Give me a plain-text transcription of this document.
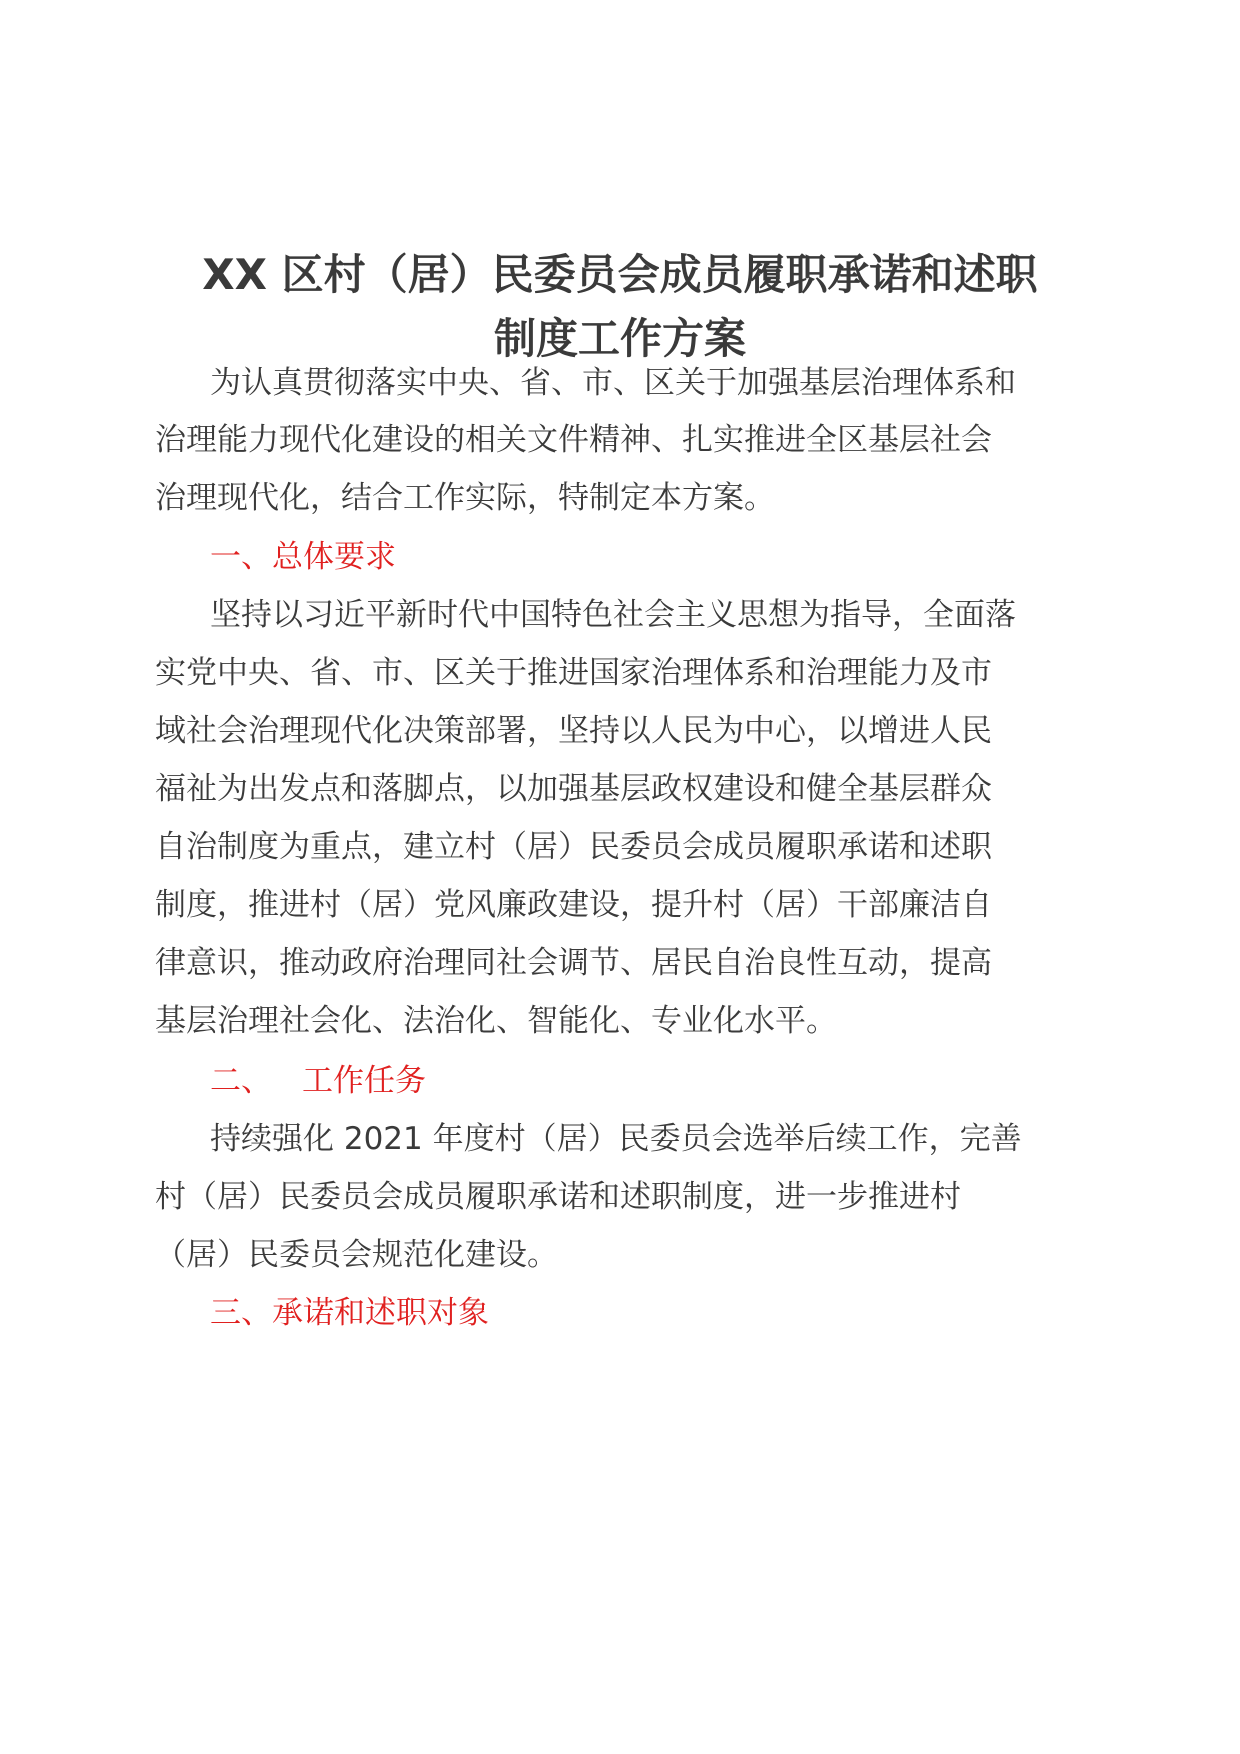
XX 区村（居）民委员会成员履职承诺和述职
制度工作方案

为认真贯彻落实中央、省、市、区关于加强基层治理体系和

治理能力现代化建设的相关文件精神、扎实推进全区基层社会

治理现代化，结合工作实际，特制定本方案。

一、总体要求

坚持以习近平新时代中国特色社会主义思想为指导，全面落

实党中央、省、市、区关于推进国家治理体系和治理能力及市

域社会治理现代化决策部署，坚持以人民为中心，以增进人民

福祉为出发点和落脚点，以加强基层政权建设和健全基层群众

自治制度为重点，建立村（居）民委员会成员履职承诺和述职

制度，推进村（居）党风廉政建设，提升村（居）干部廉洁自

律意识，推动政府治理同社会调节、居民自治良性互动，提高

基层治理社会化、法治化、智能化、专业化水平。

二、 工作任务

持续强化 2021 年度村（居）民委员会选举后续工作，完善

村（居）民委员会成员履职承诺和述职制度，进一步推进村

（居）民委员会规范化建设。

三、承诺和述职对象
